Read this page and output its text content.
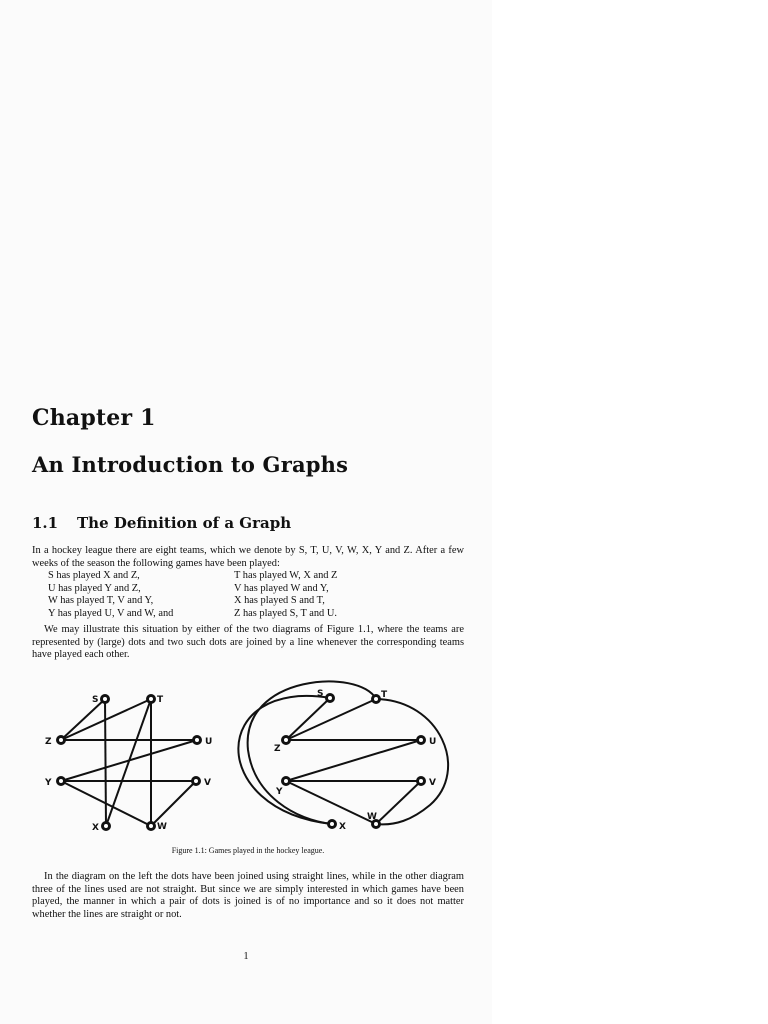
Chapter 1
An Introduction to Graphs
1.1 The Definition of a Graph
In a hockey league there are eight teams, which we denote by S, T, U, V, W, X, Y and Z. After a few weeks of the season the following games have been played:
S has played X and Z,	T has played W, X and Z
U has played Y and Z,	V has played W and Y,
W has played T, V and Y,	X has played S and T,
Y has played U, V and W, and	Z has played S, T and U.
We may illustrate this situation by either of the two diagrams of Figure 1.1, where the teams are represented by (large) dots and two such dots are joined by a line whenever the corresponding teams have played each other.
S	T
U
V
W
X
Y
Z
S	T
U
V
W
X
Y
Z
Figure 1.1: Games played in the hockey league.
In the diagram on the left the dots have been joined using straight lines, while in the other diagram three of the lines used are not straight. But since we are simply interested in which games have been played, the manner in which a pair of dots is joined is of no importance and so it does not matter whether the lines are straight or not.
1
